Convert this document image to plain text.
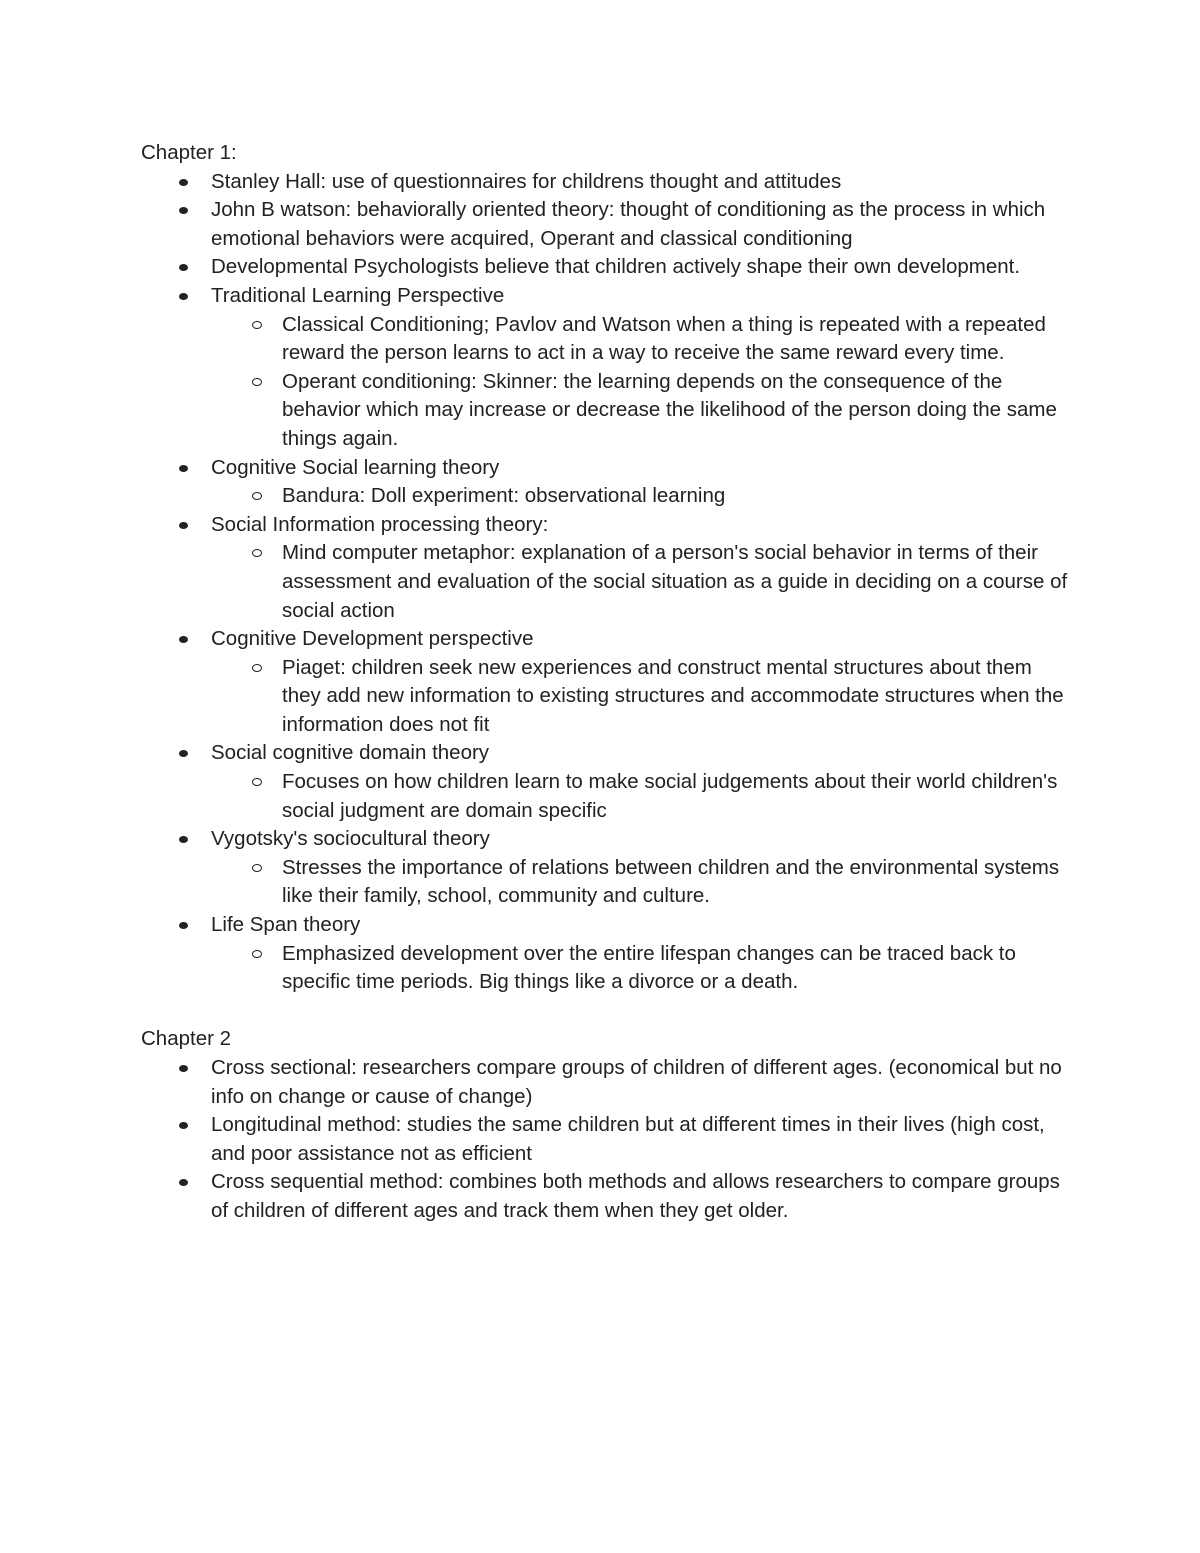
Chapter 1:
Stanley Hall: use of questionnaires for childrens thought and attitudes
John B watson: behaviorally oriented theory: thought of conditioning as the process in which emotional behaviors were acquired, Operant and classical conditioning
Developmental Psychologists believe that children actively shape their own development.
Traditional Learning Perspective
Classical Conditioning; Pavlov and Watson when a thing is repeated with a repeated reward the person learns to act in a way to receive the same reward every time.
Operant conditioning: Skinner: the learning depends on the consequence of the behavior which may increase or decrease the likelihood of the person doing the same things again.
Cognitive Social learning theory
Bandura: Doll experiment: observational learning
Social Information processing theory:
Mind computer metaphor: explanation of a person's social behavior in terms of their assessment and evaluation of the social situation as a guide in deciding on a course of social action
Cognitive Development perspective
Piaget: children seek new experiences and construct mental structures about them they add new information to existing structures and accommodate structures when the information does not fit
Social cognitive domain theory
Focuses on how children learn to make social judgements about their world children's social judgment are domain specific
Vygotsky's sociocultural theory
Stresses the importance of relations between children and the environmental systems like their family, school, community and culture.
Life Span theory
Emphasized development over the entire lifespan changes can be traced back to specific time periods. Big things like a divorce or a death.
Chapter 2
Cross sectional: researchers compare groups of children of different ages. (economical but no info on change or cause of change)
Longitudinal method: studies the same children but at different times in their lives (high cost, and poor assistance not as efficient
Cross sequential method: combines both methods and allows researchers to compare groups of children of different ages and track them when they get older.
